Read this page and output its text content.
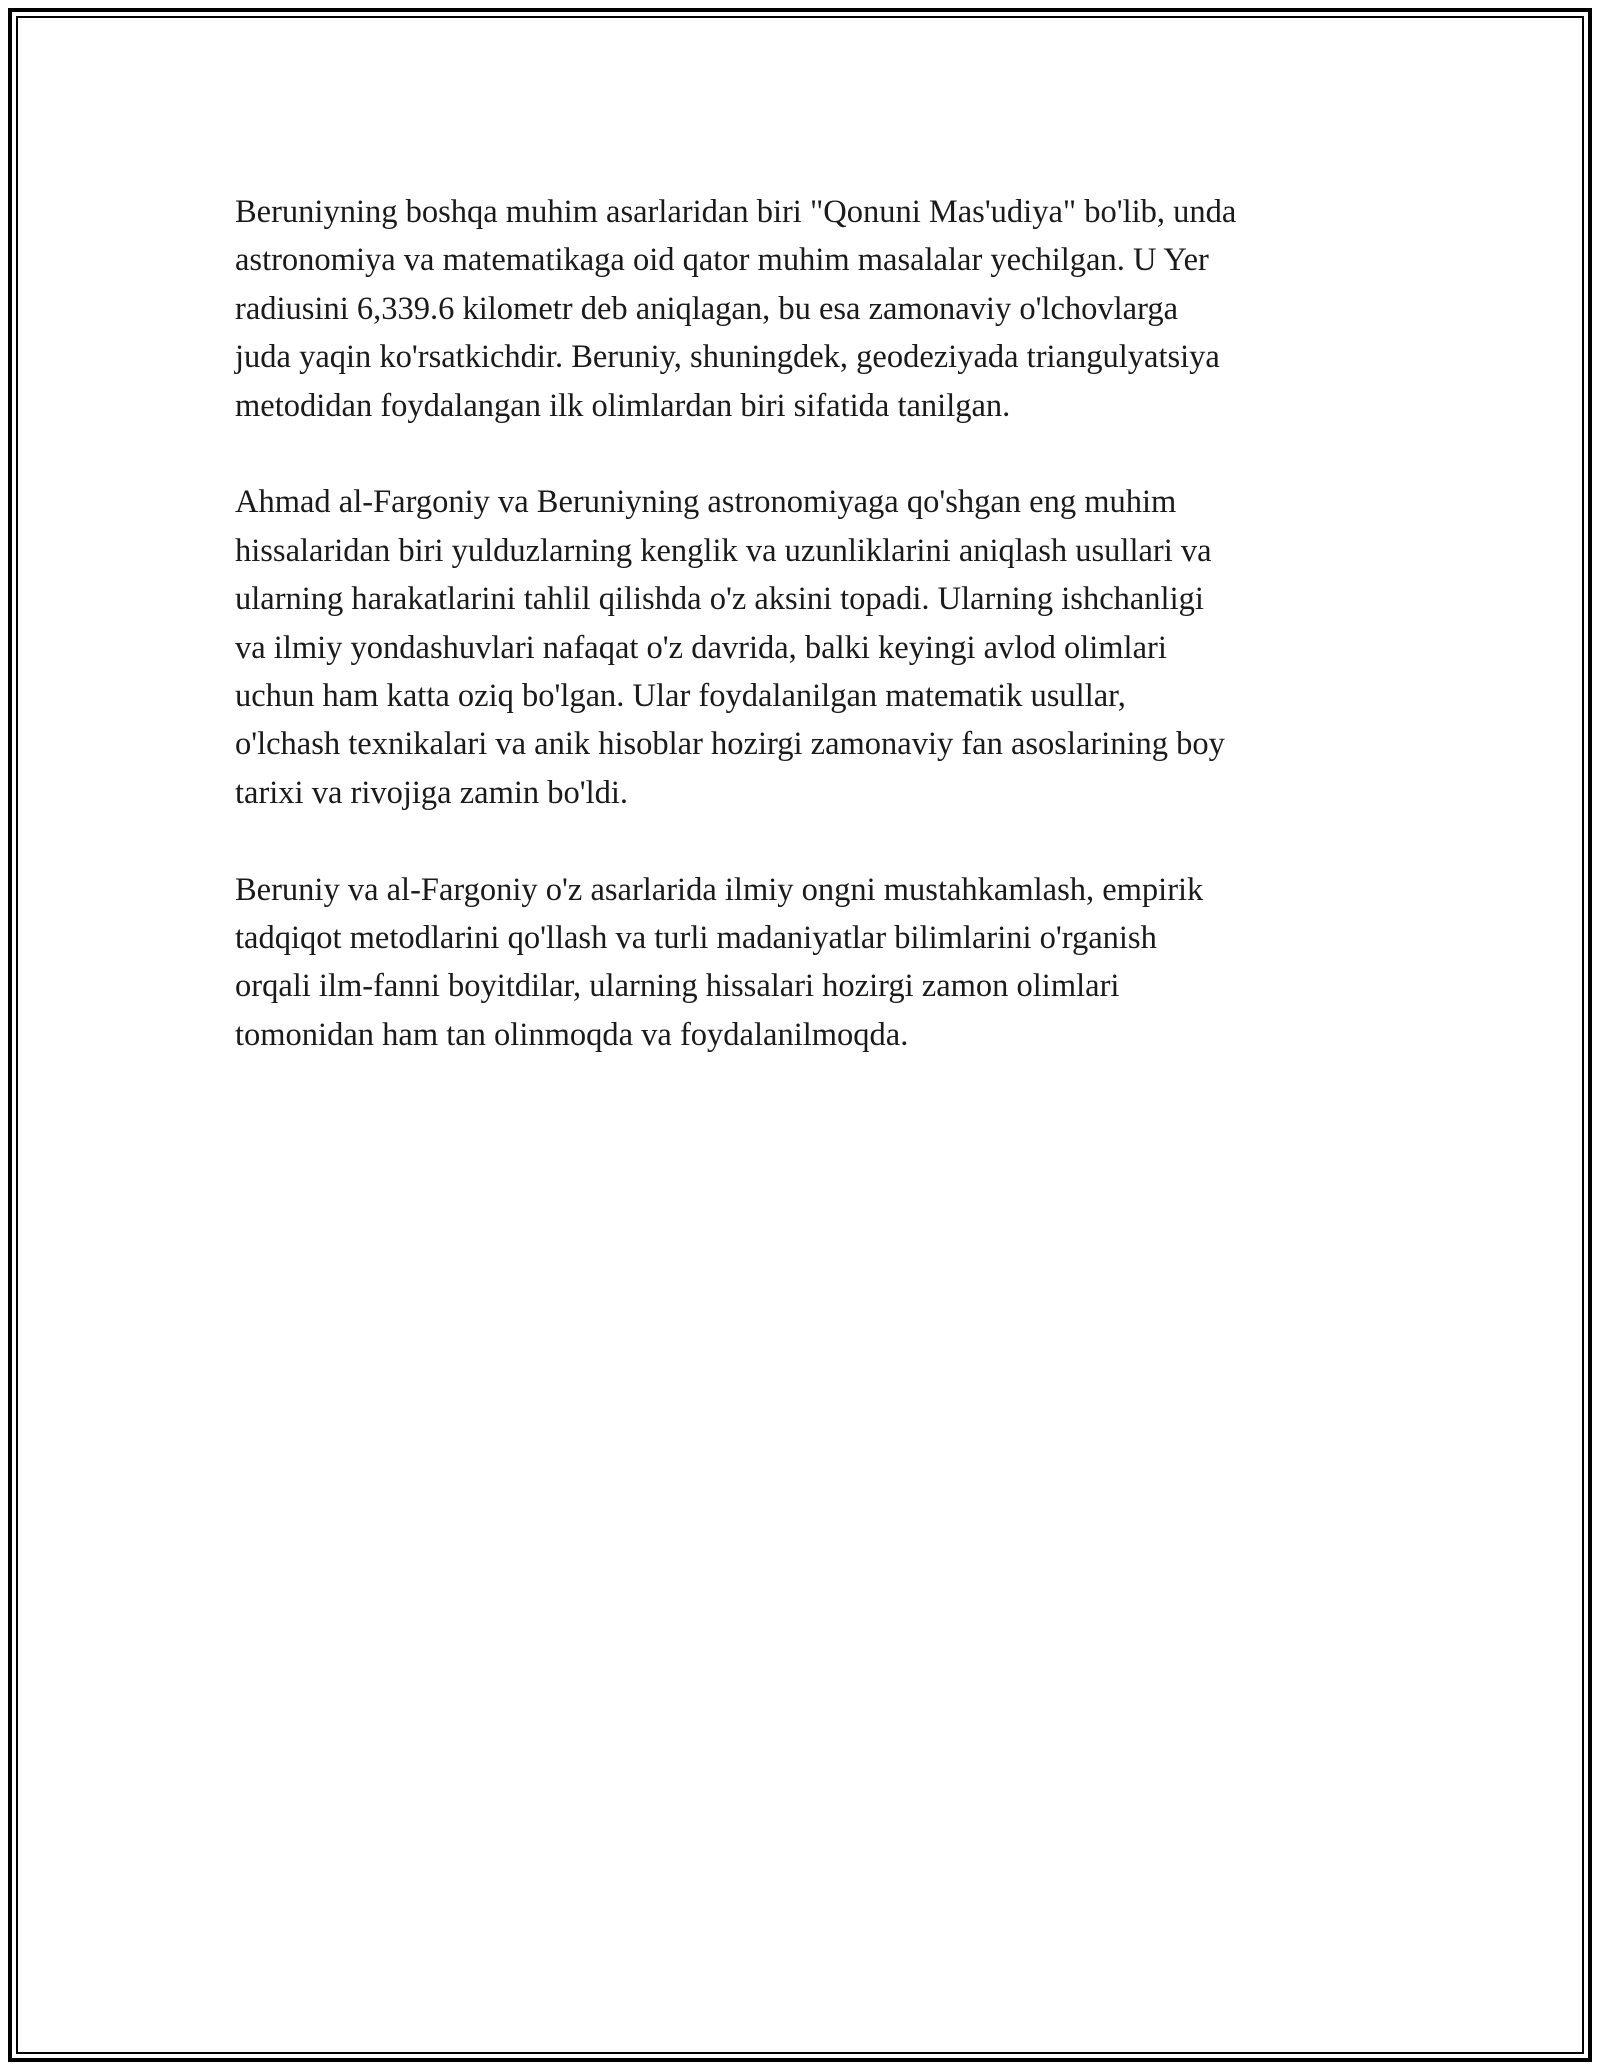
Beruniyning boshqa muhim asarlaridan biri "Qonuni Mas'udiya" bo'lib, unda
astronomiya va matematikaga oid qator muhim masalalar yechilgan. U Yer
radiusini 6,339.6 kilometr deb aniqlagan, bu esa zamonaviy o'lchovlarga
juda yaqin ko'rsatkichdir. Beruniy, shuningdek, geodeziyada triangulyatsiya
metodidan foydalangan ilk olimlardan biri sifatida tanilgan.

Ahmad al-Fargoniy va Beruniyning astronomiyaga qo'shgan eng muhim
hissalaridan biri yulduzlarning kenglik va uzunliklarini aniqlash usullari va
ularning harakatlarini tahlil qilishda o'z aksini topadi. Ularning ishchanligi
va ilmiy yondashuvlari nafaqat o'z davrida, balki keyingi avlod olimlari
uchun ham katta oziq bo'lgan. Ular foydalanilgan matematik usullar,
o'lchash texnikalari va anik hisoblar hozirgi zamonaviy fan asoslarining boy
tarixi va rivojiga zamin bo'ldi.

Beruniy va al-Fargoniy o'z asarlarida ilmiy ongni mustahkamlash, empirik
tadqiqot metodlarini qo'llash va turli madaniyatlar bilimlarini o'rganish
orqali ilm-fanni boyitdilar, ularning hissalari hozirgi zamon olimlari
tomonidan ham tan olinmoqda va foydalanilmoqda.
